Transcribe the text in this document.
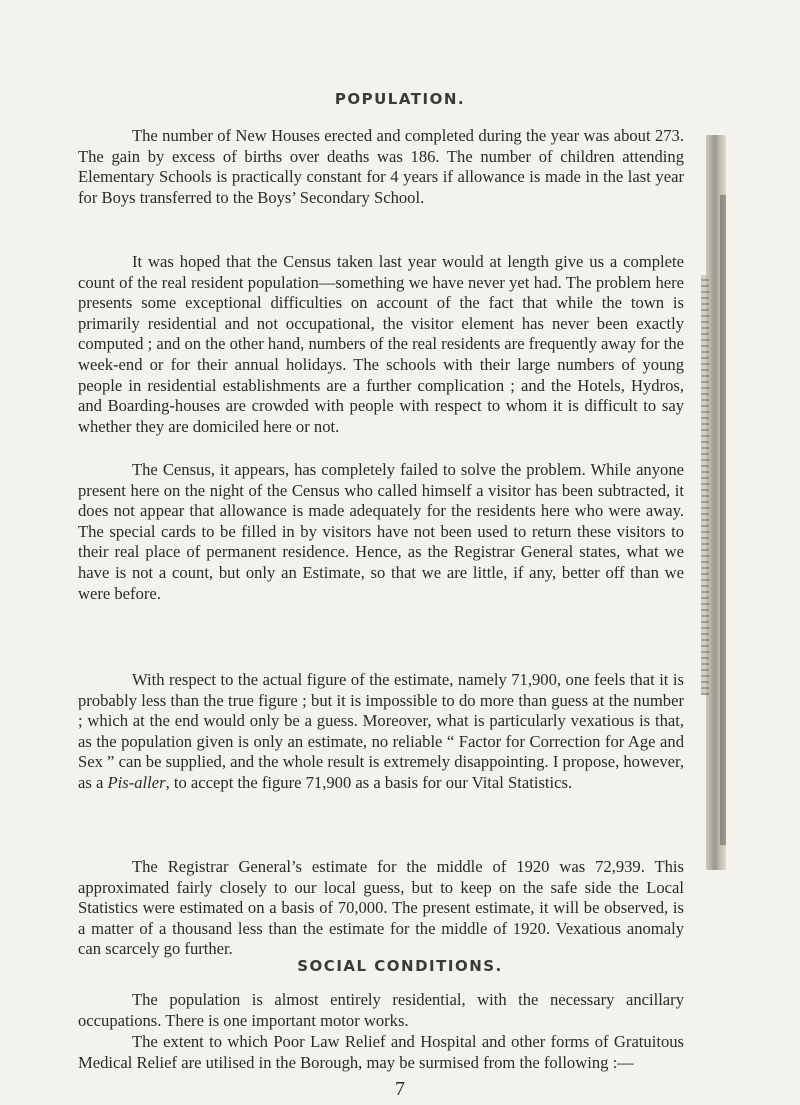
POPULATION.

The number of New Houses erected and completed during the year was about 273. The gain by excess of births over deaths was 186. The number of children attending Elementary Schools is practically constant for 4 years if allowance is made in the last year for Boys transferred to the Boys’ Secondary School.

It was hoped that the Census taken last year would at length give us a complete count of the real resident population—something we have never yet had. The problem here presents some exceptional difficulties on account of the fact that while the town is primarily residential and not occupational, the visitor element has never been exactly computed ; and on the other hand, numbers of the real residents are frequently away for the week-end or for their annual holidays. The schools with their large numbers of young people in residential establishments are a further complication ; and the Hotels, Hydros, and Boarding-houses are crowded with people with respect to whom it is difficult to say whether they are domiciled here or not.

The Census, it appears, has completely failed to solve the problem. While anyone present here on the night of the Census who called himself a visitor has been subtracted, it does not appear that allowance is made adequately for the residents here who were away. The special cards to be filled in by visitors have not been used to return these visitors to their real place of permanent residence. Hence, as the Registrar General states, what we have is not a count, but only an Estimate, so that we are little, if any, better off than we were before.

With respect to the actual figure of the estimate, namely 71,900, one feels that it is probably less than the true figure ; but it is impossible to do more than guess at the number ; which at the end would only be a guess. Moreover, what is particularly vexatious is that, as the population given is only an estimate, no reliable “ Factor for Correction for Age and Sex ” can be supplied, and the whole result is extremely disappointing. I propose, however, as a Pis-aller, to accept the figure 71,900 as a basis for our Vital Statistics.

The Registrar General’s estimate for the middle of 1920 was 72,939. This approximated fairly closely to our local guess, but to keep on the safe side the Local Statistics were estimated on a basis of 70,000. The present estimate, it will be observed, is a matter of a thousand less than the estimate for the middle of 1920. Vexatious anomaly can scarcely go further.

SOCIAL CONDITIONS.

The population is almost entirely residential, with the necessary ancillary occupations. There is one important motor works.

The extent to which Poor Law Relief and Hospital and other forms of Gratuitous Medical Relief are utilised in the Borough, may be surmised from the following :—

7
